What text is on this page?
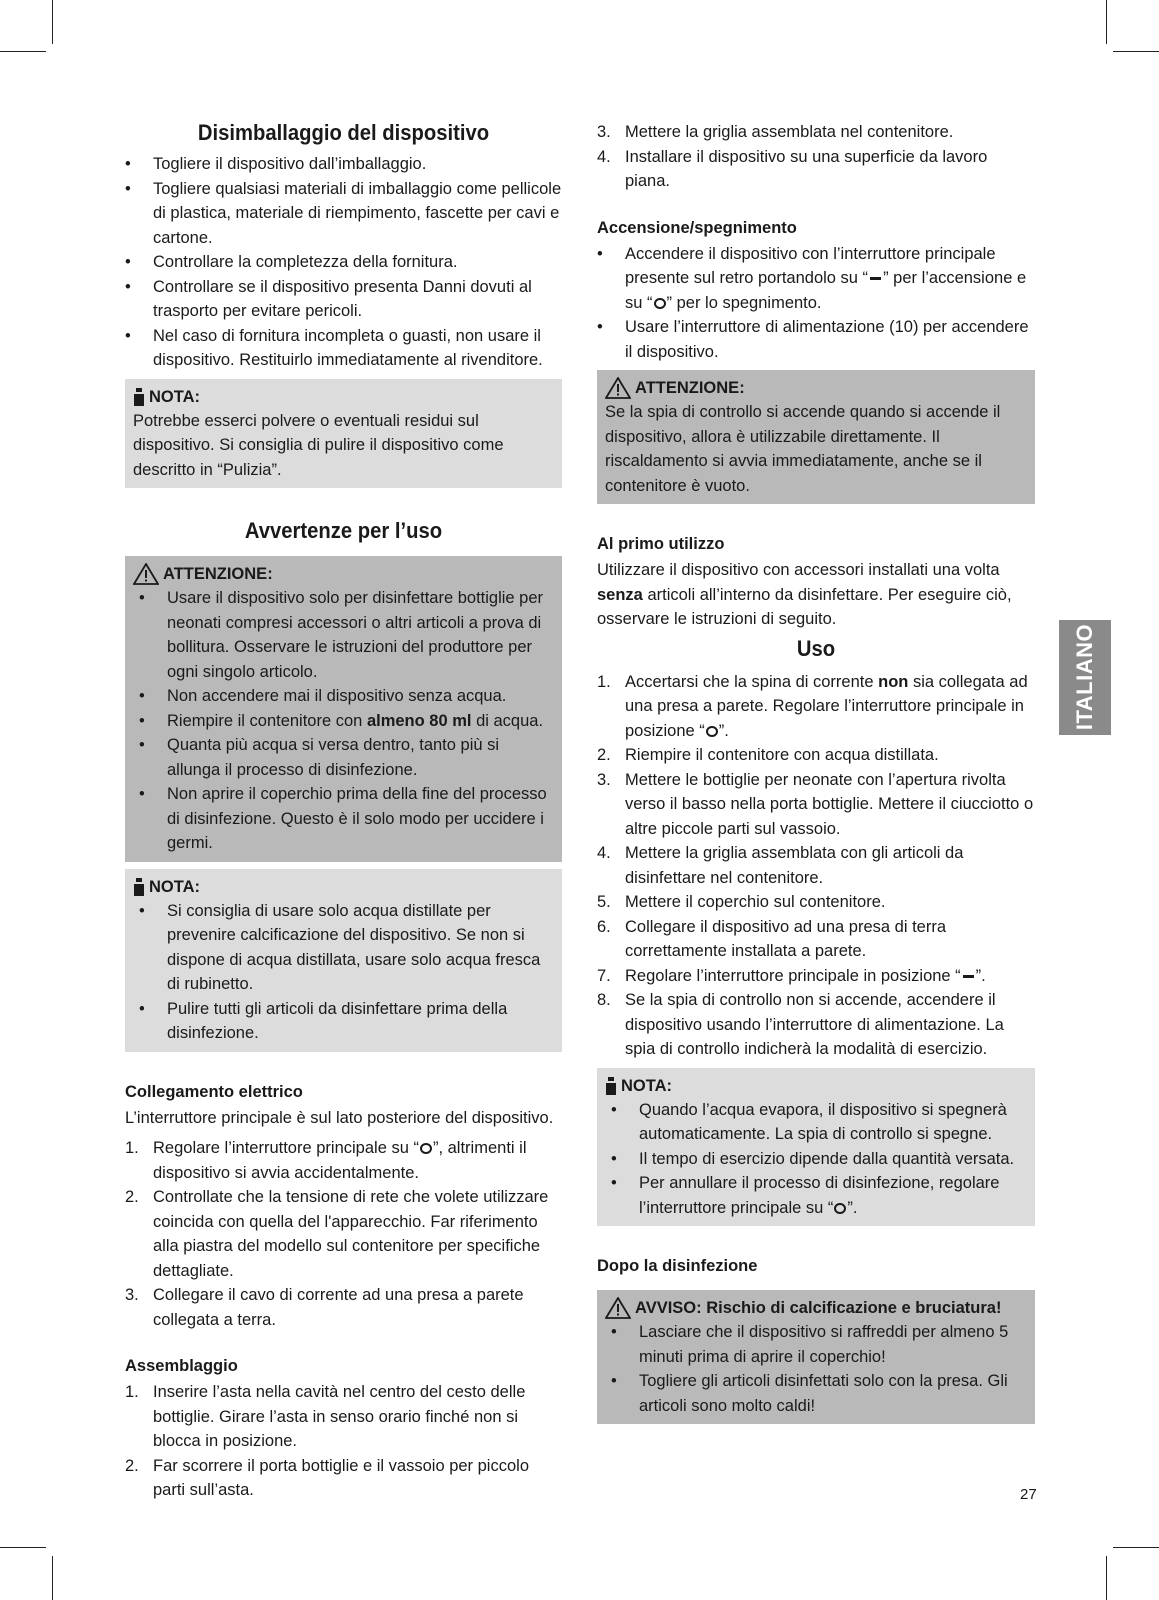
Disimballaggio del dispositivo
• Togliere il dispositivo dall’imballaggio.
• Togliere qualsiasi materiali di imballaggio come pellicole di plastica, materiale di riempimento, fascette per cavi e cartone.
• Controllare la completezza della fornitura.
• Controllare se il dispositivo presenta Danni dovuti al trasporto per evitare pericoli.
• Nel caso di fornitura incompleta o guasti, non usare il dispositivo. Restituirlo immediatamente al rivenditore.
NOTA:

Potrebbe esserci polvere o eventuali residui sul dispositivo. Si consiglia di pulire il dispositivo come descritto in “Pulizia”.

Avvertenze per l’uso
ATTENZIONE:
• Usare il dispositivo solo per disinfettare bottiglie per neonati compresi accessori o altri articoli a prova di bollitura. Osservare le istruzioni del produttore per ogni singolo articolo.
• Non accendere mai il dispositivo senza acqua.
• Riempire il contenitore con almeno 80 ml di acqua.
• Quanta più acqua si versa dentro, tanto più si allunga il processo di disinfezione.
• Non aprire il coperchio prima della fine del processo di disinfezione. Questo è il solo modo per uccidere i germi.
NOTA:
• Si consiglia di usare solo acqua distillate per prevenire calcificazione del dispositivo. Se non si dispone di acqua distillata, usare solo acqua fresca di rubinetto.
• Pulire tutti gli articoli da disinfettare prima della disinfezione.
Collegamento elettrico

L’interruttore principale è sul lato posteriore del dispositivo.

1. Regolare l’interruttore principale su “ ”, altrimenti il dispositivo si avvia accidentalmente.
2. Controllate che la tensione di rete che volete utilizzare coincida con quella del l'apparecchio. Far riferimento alla piastra del modello sul contenitore per specifiche dettagliate.
3. Collegare il cavo di corrente ad una presa a parete collegata a terra.
Assemblaggio
1. Inserire l’asta nella cavità nel centro del cesto delle bottiglie. Girare l’asta in senso orario finché non si blocca in posizione.
2. Far scorrere il porta bottiglie e il vassoio per piccolo parti sull’asta.
3. Mettere la griglia assemblata nel contenitore.
4. Installare il dispositivo su una superficie da lavoro piana.
Accensione/spegnimento
• Accendere il dispositivo con l’interruttore principale presente sul retro portandolo su “ ” per l’accensione e su “ ” per lo spegnimento.
• Usare l’interruttore di alimentazione (10) per accendere il dispositivo.
ATTENZIONE:

Se la spia di controllo si accende quando si accende il dispositivo, allora è utilizzabile direttamente. Il riscaldamento si avvia immediatamente, anche se il contenitore è vuoto.

Al primo utilizzo

Utilizzare il dispositivo con accessori installati una volta senza articoli all’interno da disinfettare. Per eseguire ciò, osservare le istruzioni di seguito.

Uso
1. Accertarsi che la spina di corrente non sia collegata ad una presa a parete. Regolare l’interruttore principale in posizione “ ”.
2. Riempire il contenitore con acqua distillata.
3. Mettere le bottiglie per neonate con l’apertura rivolta verso il basso nella porta bottiglie. Mettere il ciucciotto o altre piccole parti sul vassoio.
4. Mettere la griglia assemblata con gli articoli da disinfettare nel contenitore.
5. Mettere il coperchio sul contenitore.
6. Collegare il dispositivo ad una presa di terra correttamente installata a parete.
7. Regolare l’interruttore principale in posizione “ ”.
8. Se la spia di controllo non si accende, accendere il dispositivo usando l’interruttore di alimentazione. La spia di controllo indicherà la modalità di esercizio.
NOTA:
• Quando l’acqua evapora, il dispositivo si spegnerà automaticamente. La spia di controllo si spegne.
• Il tempo di esercizio dipende dalla quantità versata.
• Per annullare il processo di disinfezione, regolare l’interruttore principale su “ ”.
Dopo la disinfezione
AVVISO: Rischio di calcificazione e bruciatura!
• Lasciare che il dispositivo si raffreddi per almeno 5 minuti prima di aprire il coperchio!
• Togliere gli articoli disinfettati solo con la presa. Gli articoli sono molto caldi!
ITALIANO
27
